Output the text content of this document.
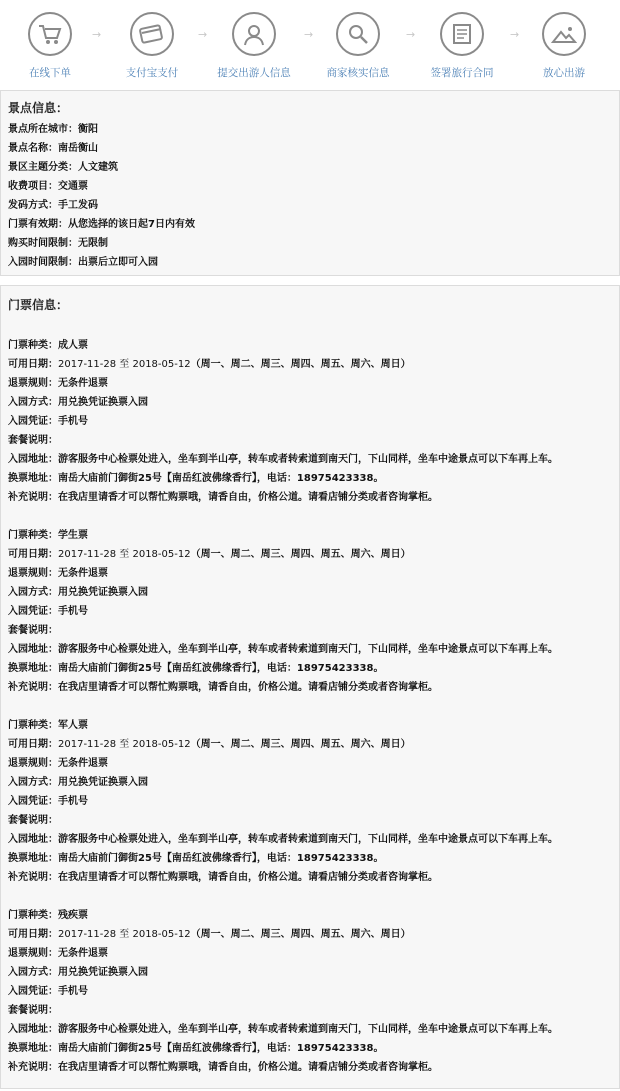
在线下单
→
支付宝支付
→
提交出游人信息
→
商家核实信息
→
签署旅行合同
→
放心出游
景点信息：
景点所在城市：衡阳
景点名称：南岳衡山
景区主题分类：人文建筑
收费项目：交通票
发码方式：手工发码
门票有效期：从您选择的该日起7日内有效
购买时间限制：无限制
入园时间限制：出票后立即可入园
门票信息：
门票种类：成人票
可用日期：2017-11-28 至 2018-05-12（周一、周二、周三、周四、周五、周六、周日）
退票规则：无条件退票
入园方式：用兑换凭证换票入园
入园凭证：手机号
套餐说明：
入园地址：游客服务中心检票处进入，坐车到半山亭，转车或者转索道到南天门，下山同样，坐车中途景点可以下车再上车。
换票地址：南岳大庙前门御街25号【南岳红波佛缘香行】，电话：18975423338。
补充说明：在我店里请香才可以帮忙购票哦，请香自由，价格公道。请看店铺分类或者咨询掌柜。
门票种类：学生票
可用日期：2017-11-28 至 2018-05-12（周一、周二、周三、周四、周五、周六、周日）
退票规则：无条件退票
入园方式：用兑换凭证换票入园
入园凭证：手机号
套餐说明：
入园地址：游客服务中心检票处进入，坐车到半山亭，转车或者转索道到南天门，下山同样，坐车中途景点可以下车再上车。
换票地址：南岳大庙前门御街25号【南岳红波佛缘香行】，电话：18975423338。
补充说明：在我店里请香才可以帮忙购票哦，请香自由，价格公道。请看店铺分类或者咨询掌柜。
门票种类：军人票
可用日期：2017-11-28 至 2018-05-12（周一、周二、周三、周四、周五、周六、周日）
退票规则：无条件退票
入园方式：用兑换凭证换票入园
入园凭证：手机号
套餐说明：
入园地址：游客服务中心检票处进入，坐车到半山亭，转车或者转索道到南天门，下山同样，坐车中途景点可以下车再上车。
换票地址：南岳大庙前门御街25号【南岳红波佛缘香行】，电话：18975423338。
补充说明：在我店里请香才可以帮忙购票哦，请香自由，价格公道。请看店铺分类或者咨询掌柜。
门票种类：残疾票
可用日期：2017-11-28 至 2018-05-12（周一、周二、周三、周四、周五、周六、周日）
退票规则：无条件退票
入园方式：用兑换凭证换票入园
入园凭证：手机号
套餐说明：
入园地址：游客服务中心检票处进入，坐车到半山亭，转车或者转索道到南天门，下山同样，坐车中途景点可以下车再上车。
换票地址：南岳大庙前门御街25号【南岳红波佛缘香行】，电话：18975423338。
补充说明：在我店里请香才可以帮忙购票哦，请香自由，价格公道。请看店铺分类或者咨询掌柜。
